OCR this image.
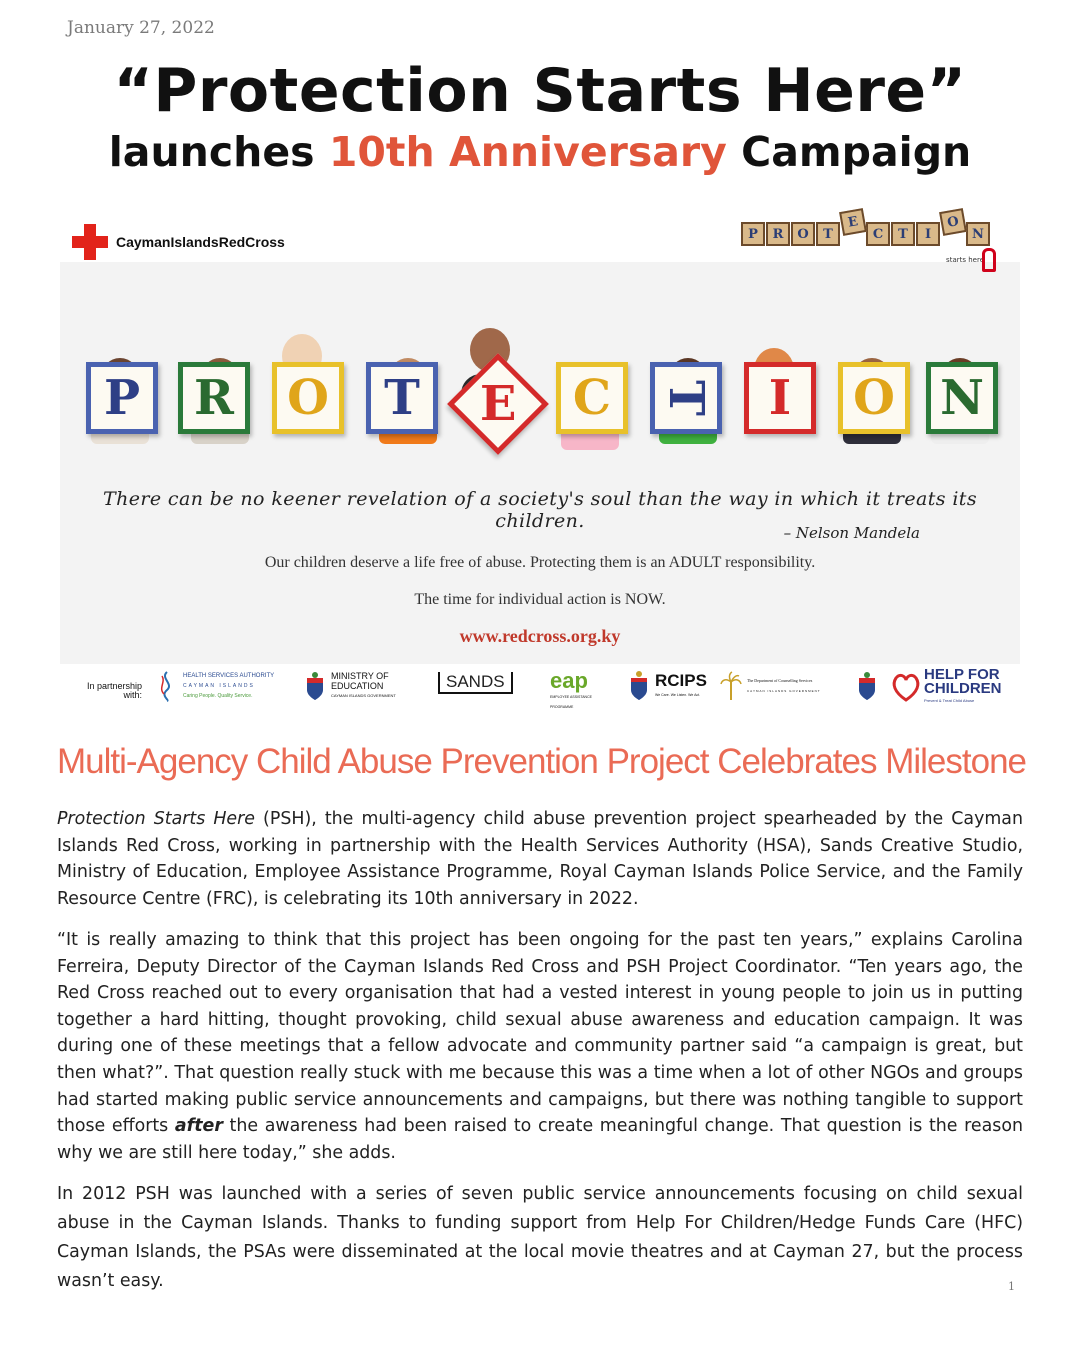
January 27, 2022
“Protection Starts Here”
launches 10th Anniversary Campaign
CaymanIslandsRedCross	P	R	O	T
E
C	T	I
O
N
starts here
P R O T E C T I O N
There can be no keener revelation of a society's soul than the way in which it treats its children.
– Nelson Mandela
Our children deserve a life free of abuse. Protecting them is an ADULT responsibility.
The time for individual action is NOW.
www.redcross.org.ky
In partnership with:
HEALTH SERVICES AUTHORITY
CAYMAN ISLANDS
Caring People. Quality Service.
MINISTRY OF
EDUCATION
CAYMAN ISLANDS GOVERNMENT
SANDS	eap
EMPLOYEE ASSISTANCE PROGRAMME
RCIPS
We Care. We Listen. We Act.
The Department of Counselling Services
CAYMAN ISLANDS GOVERNMENT
HELP FOR
CHILDREN
Prevent & Treat Child Abuse
Multi-Agency Child Abuse Prevention Project Celebrates Milestone
Protection Starts Here (PSH), the multi-agency child abuse prevention project spearheaded by the Cayman Islands Red Cross, working in partnership with the Health Services Authority (HSA), Sands Creative Studio, Ministry of Education, Employee Assistance Programme, Royal Cayman Islands Police Service, and the Family Resource Centre (FRC), is celebrating its 10th anniversary in 2022.
“It is really amazing to think that this project has been ongoing for the past ten years,” explains Carolina Ferreira, Deputy Director of the Cayman Islands Red Cross and PSH Project Coordinator. “Ten years ago, the Red Cross reached out to every organisation that had a vested interest in young people to join us in putting together a hard hitting, thought provoking, child sexual abuse awareness and education campaign. It was during one of these meetings that a fellow advocate and community partner said “a campaign is great, but then what?”. That question really stuck with me because this was a time when a lot of other NGOs and groups had started making public service announcements and campaigns, but there was nothing tangible to support those efforts after the awareness had been raised to create meaningful change. That question is the reason why we are still here today,” she adds.
In 2012 PSH was launched with a series of seven public service announcements focusing on child sexual abuse in the Cayman Islands. Thanks to funding support from Help For Children/Hedge Funds Care (HFC) Cayman Islands, the PSAs were disseminated at the local movie theatres and at Cayman 27, but the process wasn’t easy.	1
